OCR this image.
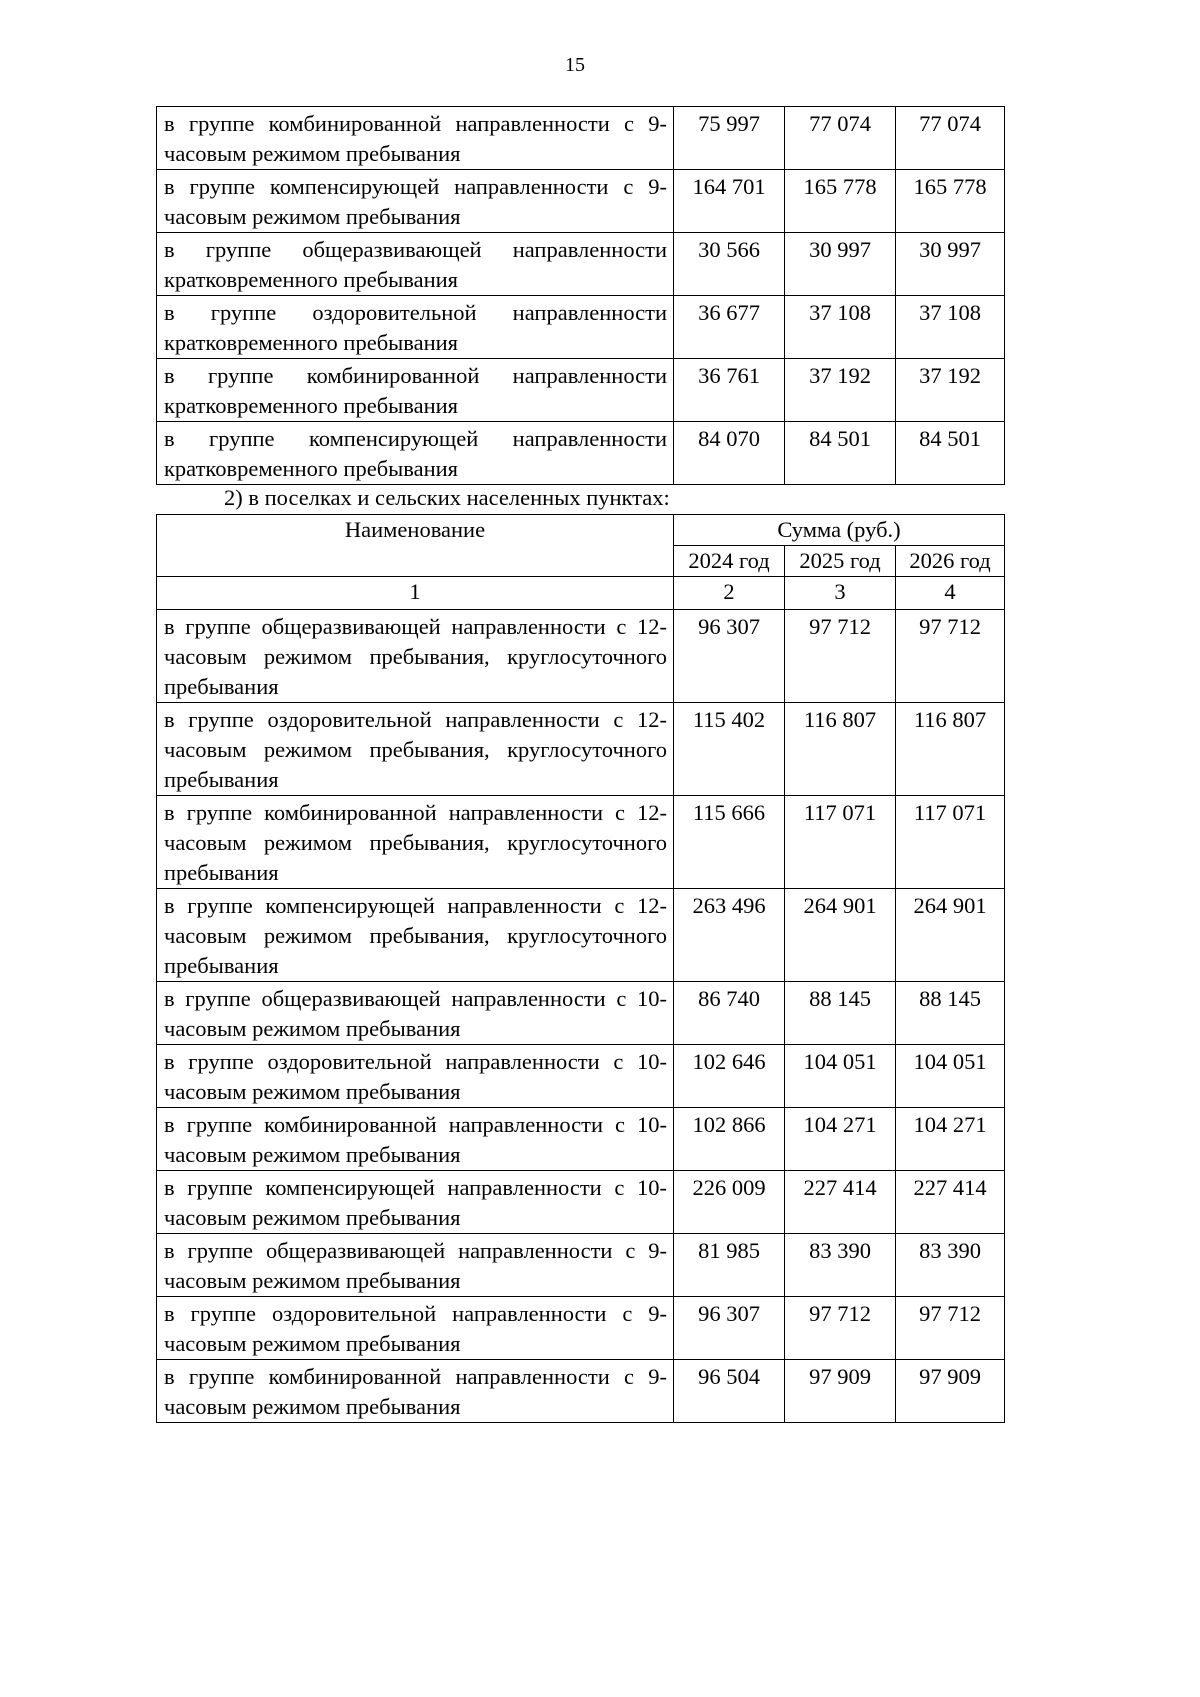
15
в группе комбинированной направленности с 9-часовым режимом пребывания	75 997	77 074	77 074
в группе компенсирующей направленности с 9-часовым режимом пребывания	164 701	165 778	165 778
в группе общеразвивающей направленности кратковременного пребывания	30 566	30 997	30 997
в группе оздоровительной направленности кратковременного пребывания	36 677	37 108	37 108
в группе комбинированной направленности кратковременного пребывания	36 761	37 192	37 192
в группе компенсирующей направленности кратковременного пребывания	84 070	84 501	84 501

2) в поселках и сельских населенных пунктах:

Наименование	Сумма (руб.)		
	2024 год	2025 год	2026 год
1	2	3	4
в группе общеразвивающей направленности с 12-часовым режимом пребывания, круглосуточного пребывания	96 307	97 712	97 712
в группе оздоровительной направленности с 12-часовым режимом пребывания, круглосуточного пребывания	115 402	116 807	116 807
в группе комбинированной направленности с 12-часовым режимом пребывания, круглосуточного пребывания	115 666	117 071	117 071
в группе компенсирующей направленности с 12-часовым режимом пребывания, круглосуточного пребывания	263 496	264 901	264 901
в группе общеразвивающей направленности с 10-часовым режимом пребывания	86 740	88 145	88 145
в группе оздоровительной направленности с 10-часовым режимом пребывания	102 646	104 051	104 051
в группе комбинированной направленности с 10-часовым режимом пребывания	102 866	104 271	104 271
в группе компенсирующей направленности с 10-часовым режимом пребывания	226 009	227 414	227 414
в группе общеразвивающей направленности с 9-часовым режимом пребывания	81 985	83 390	83 390
в группе оздоровительной направленности с 9-часовым режимом пребывания	96 307	97 712	97 712
в группе комбинированной направленности с 9-часовым режимом пребывания	96 504	97 909	97 909
